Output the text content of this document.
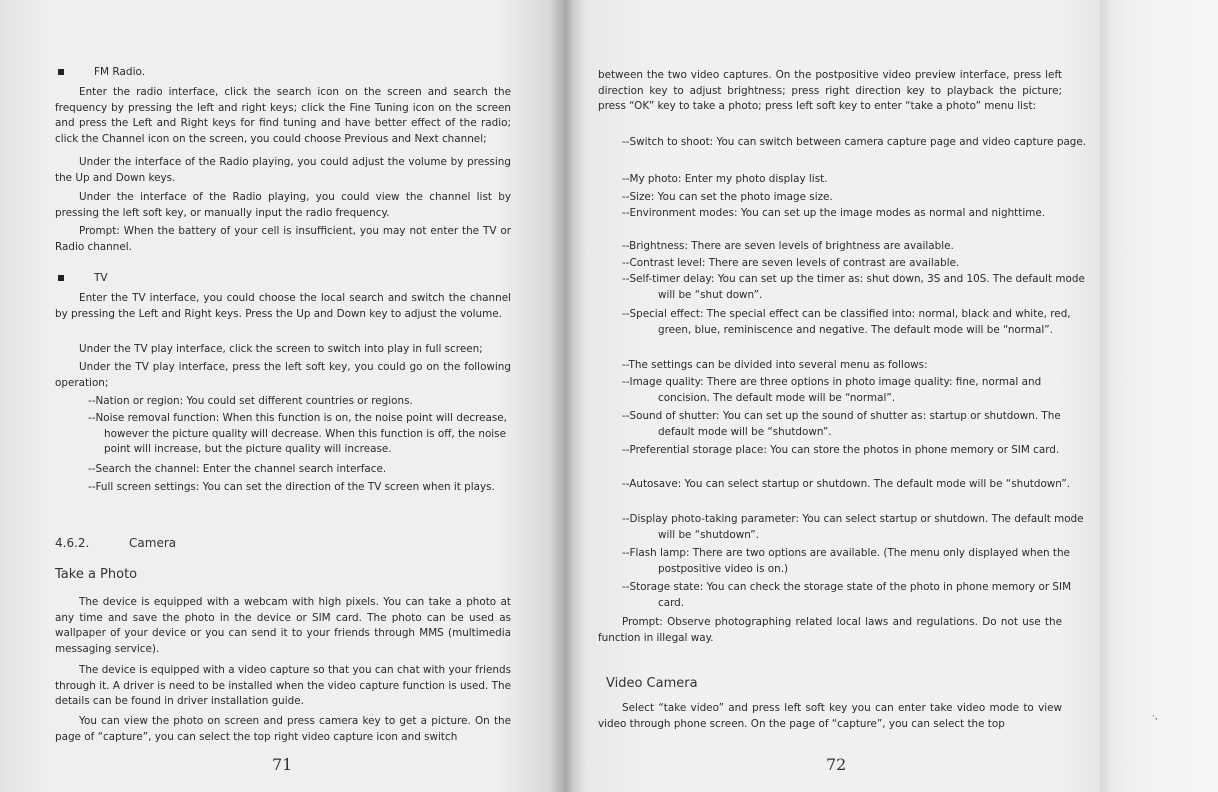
FM Radio.

Enter the radio interface, click the search icon on the screen and search the frequency by pressing the left and right keys; click the Fine Tuning icon on the screen and press the Left and Right keys for find tuning and have better effect of the radio; click the Channel icon on the screen, you could choose Previous and Next channel;

Under the interface of the Radio playing, you could adjust the volume by pressing the Up and Down keys.

Under the interface of the Radio playing, you could view the channel list by pressing the left soft key, or manually input the radio frequency.

Prompt: When the battery of your cell is insufficient, you may not enter the TV or Radio channel.

TV

Enter the TV interface, you could choose the local search and switch the channel by pressing the Left and Right keys. Press the Up and Down key to adjust the volume.

Under the TV play interface, click the screen to switch into play in full screen;

Under the TV play interface, press the left soft key, you could go on the following operation;

--Nation or region: You could set different countries or regions.

--Noise removal function: When this function is on, the noise point will decrease, however the picture quality will decrease. When this function is off, the noise point will increase, but the picture quality will increase.

--Search the channel: Enter the channel search interface.

--Full screen settings: You can set the direction of the TV screen when it plays.

4.6.2.	Camera
Take a Photo

The device is equipped with a webcam with high pixels. You can take a photo at any time and save the photo in the device or SIM card. The photo can be used as wallpaper of your device or you can send it to your friends through MMS (multimedia messaging service).

The device is equipped with a video capture so that you can chat with your friends through it. A driver is need to be installed when the video capture function is used. The details can be found in driver installation guide.

You can view the photo on screen and press camera key to get a picture. On the page of “capture”, you can select the top right video capture icon and switch

71

between the two video captures. On the postpositive video preview interface, press left direction key to adjust brightness; press right direction key to playback the picture; press “OK” key to take a photo; press left soft key to enter “take a photo” menu list:

--Switch to shoot: You can switch between camera capture page and video capture page.

--My photo: Enter my photo display list.

--Size: You can set the photo image size.

--Environment modes: You can set up the image modes as normal and nighttime.

--Brightness: There are seven levels of brightness are available.

--Contrast level: There are seven levels of contrast are available.

--Self-timer delay: You can set up the timer as: shut down, 3S and 10S. The default mode will be “shut down”.

--Special effect: The special effect can be classified into: normal, black and white, red, green, blue, reminiscence and negative. The default mode will be “normal”.

--The settings can be divided into several menu as follows:

--Image quality: There are three options in photo image quality: fine, normal and concision. The default mode will be “normal”.

--Sound of shutter: You can set up the sound of shutter as: startup or shutdown. The default mode will be “shutdown”.

--Preferential storage place: You can store the photos in phone memory or SIM card.

--Autosave: You can select startup or shutdown. The default mode will be “shutdown”.

--Display photo-taking parameter: You can select startup or shutdown. The default mode will be “shutdown”.

--Flash lamp: There are two options are available. (The menu only displayed when the postpositive video is on.)

--Storage state: You can check the storage state of the photo in phone memory or SIM card.

Prompt: Observe photographing related local laws and regulations. Do not use the function in illegal way.

Video Camera

Select “take video” and press left soft key you can enter take video mode to view video through phone screen. On the page of “capture”, you can select the top

72
·,
